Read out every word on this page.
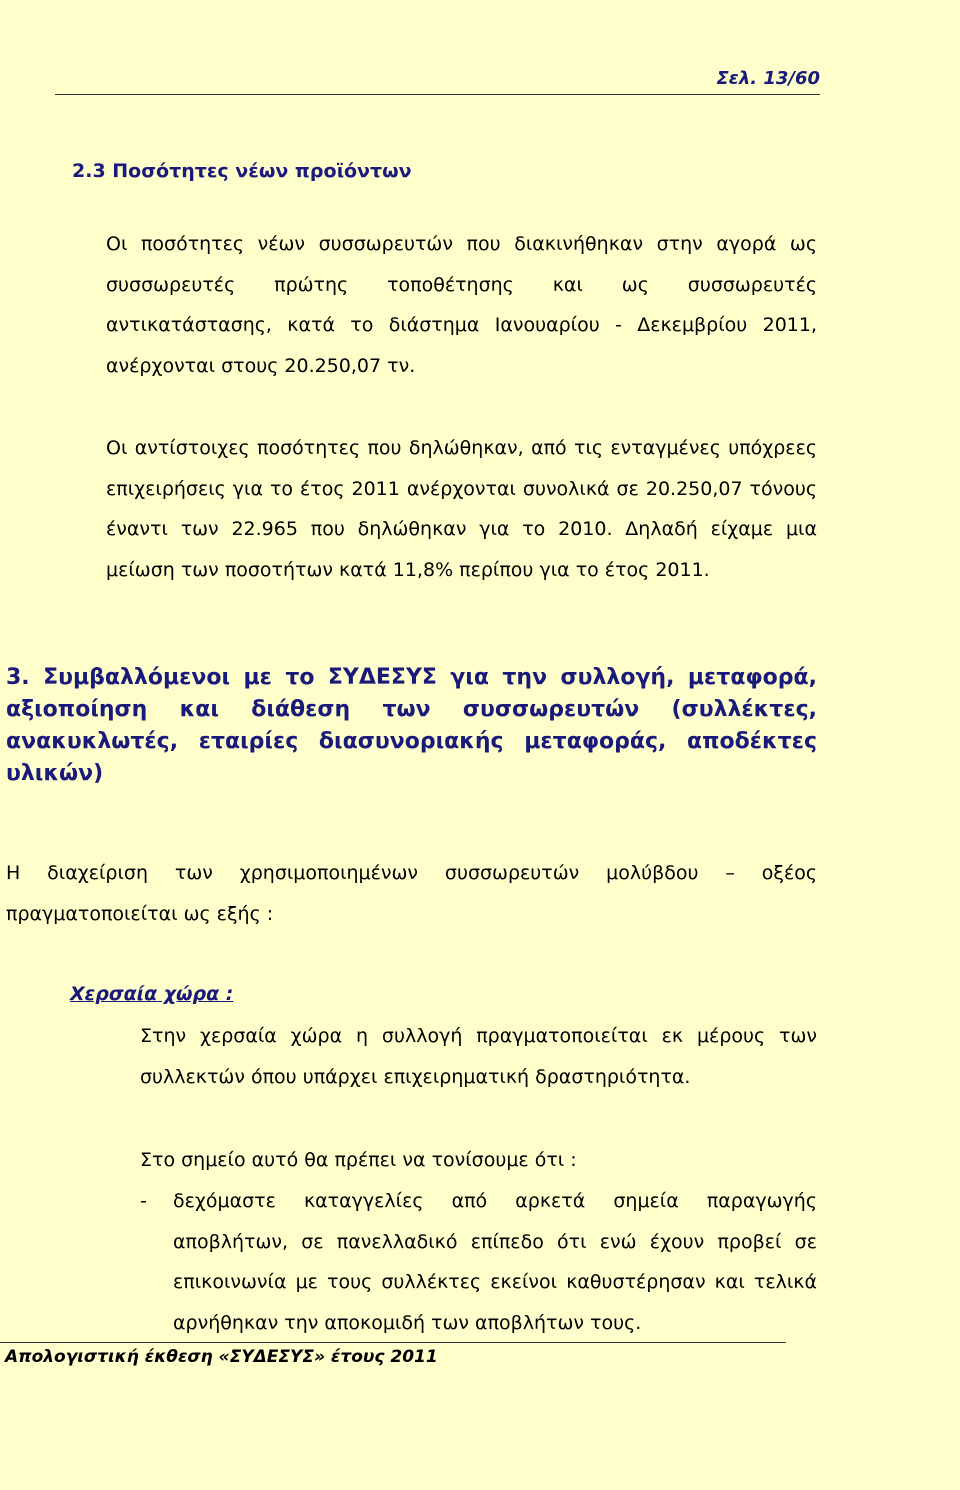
Σελ. 13/60
2.3 Ποσότητες νέων προϊόντων
Οι ποσότητες νέων συσσωρευτών που διακινήθηκαν στην αγορά ως συσσωρευτές πρώτης τοποθέτησης και ως συσσωρευτές αντικατάστασης, κατά το διάστημα Ιανουαρίου - Δεκεμβρίου 2011, ανέρχονται στους 20.250,07 τν.
Οι αντίστοιχες ποσότητες που δηλώθηκαν, από τις ενταγμένες υπόχρεες επιχειρήσεις για το έτος 2011 ανέρχονται συνολικά σε 20.250,07 τόνους έναντι των 22.965 που δηλώθηκαν για το 2010. Δηλαδή είχαμε μια μείωση των ποσοτήτων κατά 11,8% περίπου για το έτος 2011.
3. Συμβαλλόμενοι με το ΣΥΔΕΣΥΣ για την συλλογή, μεταφορά, αξιοποίηση και διάθεση των συσσωρευτών (συλλέκτες, ανακυκλωτές, εταιρίες διασυνοριακής μεταφοράς, αποδέκτες υλικών)
Η διαχείριση των χρησιμοποιημένων συσσωρευτών μολύβδου – οξέος πραγματοποιείται ως εξής :
Χερσαία χώρα :
Στην χερσαία χώρα η συλλογή πραγματοποιείται εκ μέρους των συλλεκτών όπου υπάρχει επιχειρηματική δραστηριότητα.
Στο σημείο αυτό θα πρέπει να τονίσουμε ότι :
- δεχόμαστε καταγγελίες από αρκετά σημεία παραγωγής αποβλήτων, σε πανελλαδικό επίπεδο ότι ενώ έχουν προβεί σε επικοινωνία με τους συλλέκτες εκείνοι καθυστέρησαν και τελικά αρνήθηκαν την αποκομιδή των αποβλήτων τους.
Απολογιστική έκθεση «ΣΥΔΕΣΥΣ» έτους 2011
